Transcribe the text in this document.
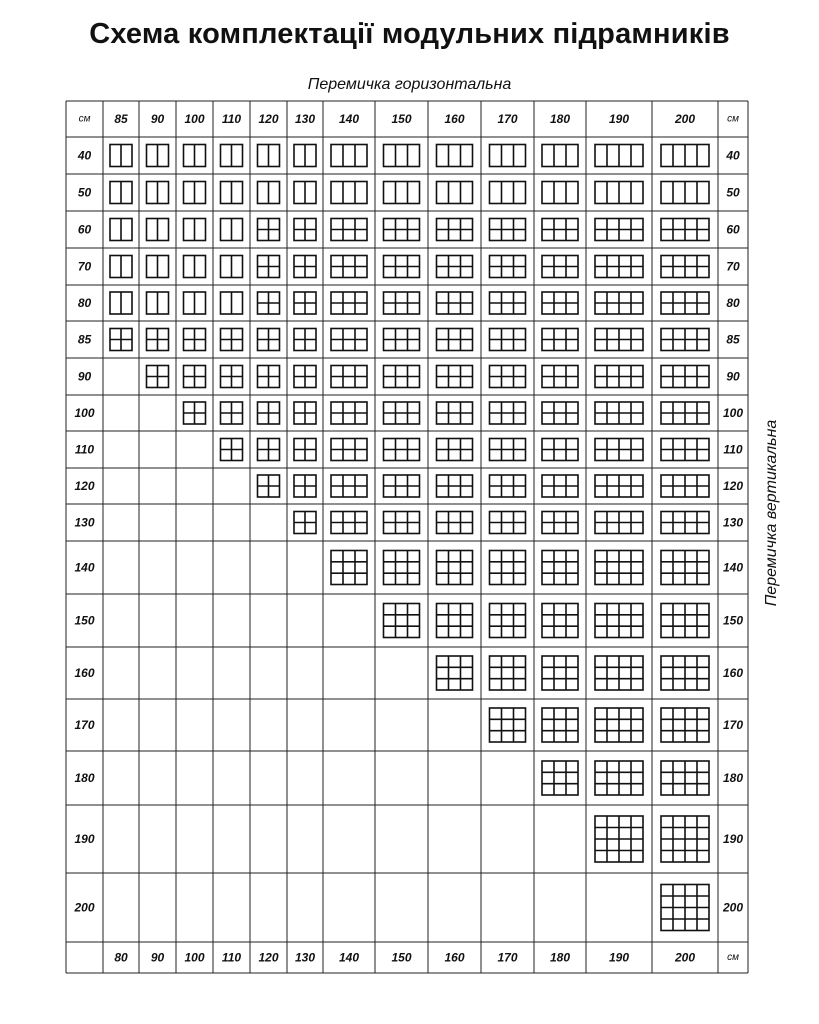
Схема комплектації модульних підрамників
Перемичка горизонтальна
Перемичка вертикальна
см 85 90 100 110 120 130 140	150	160	170	180	190	200	см
40	40
50	50
60	60
70	70
80	80
85	85
90	90
100	100
110	110
120	120
130	130
140	140
150	150
160	160
170	170
180	180
190	190
200	200
80 90 100 110 120 130 140	150	160	170	180	190	200	см
